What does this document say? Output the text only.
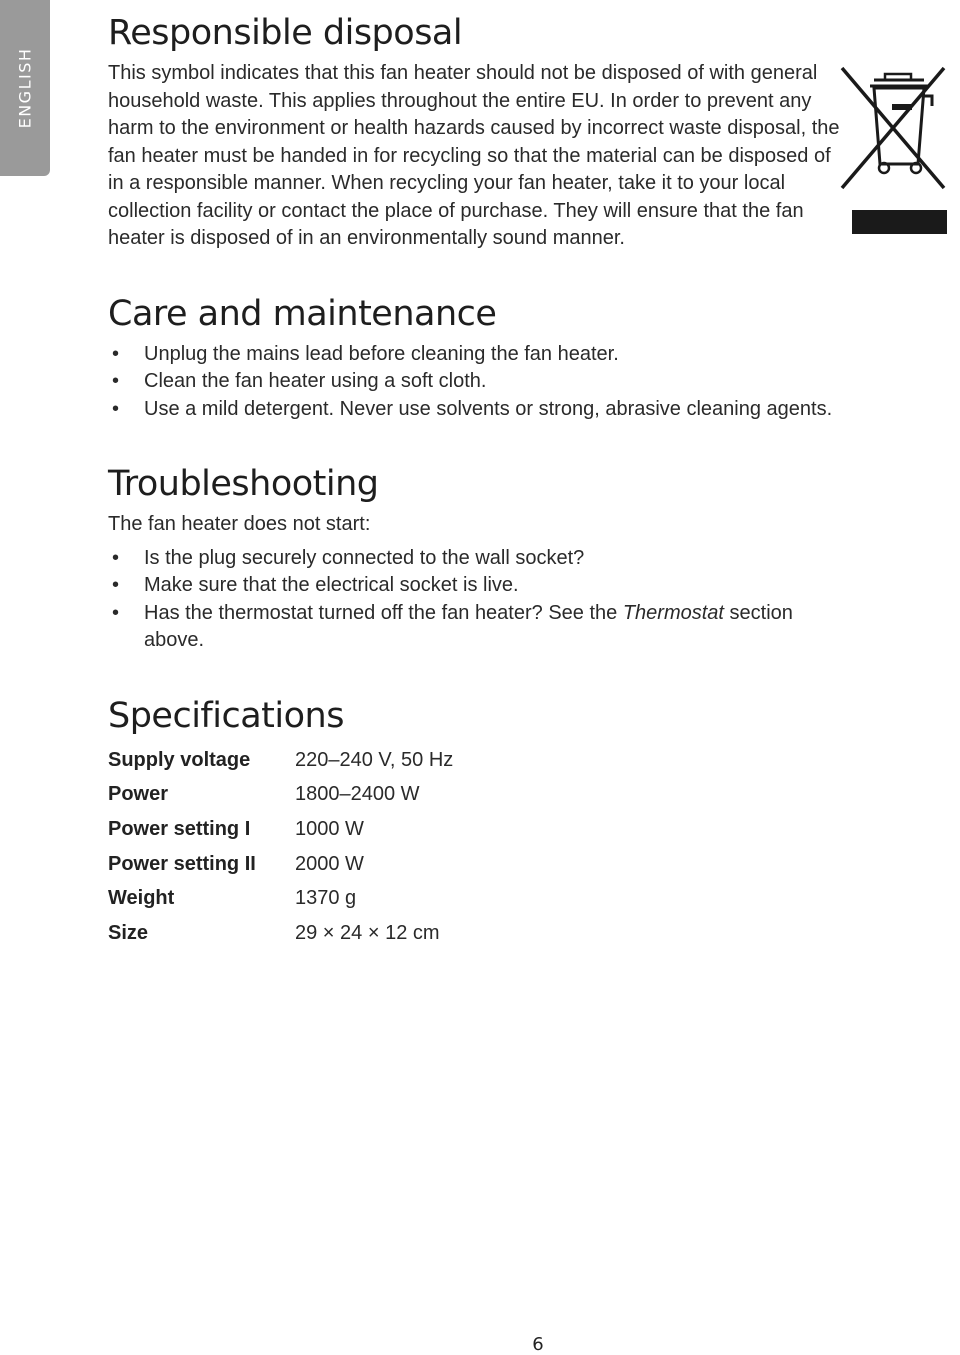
ENGLISH
Responsible disposal

This symbol indicates that this fan heater should not be disposed of with general household waste. This applies throughout the entire EU. In order to prevent any harm to the environment or health hazards caused by incorrect waste disposal, the fan heater must be handed in for recycling so that the material can be disposed of in a responsible manner. When recycling your fan heater, take it to your local collection facility or contact the place of purchase. They will ensure that the fan heater is disposed of in an environmentally sound manner.

Care and maintenance
• Unplug the mains lead before cleaning the fan heater.
• Clean the fan heater using a soft cloth.
• Use a mild detergent. Never use solvents or strong, abrasive cleaning agents.
Troubleshooting

The fan heater does not start:

• Is the plug securely connected to the wall socket?
• Make sure that the electrical socket is live.
• Has the thermostat turned off the fan heater? See the Thermostat section above.
Specifications
Supply voltage	220–240 V, 50 Hz
Power	1800–2400 W
Power setting I	1000 W
Power setting II	2000 W
Weight	1370 g
Size	29 × 24 × 12 cm
6
